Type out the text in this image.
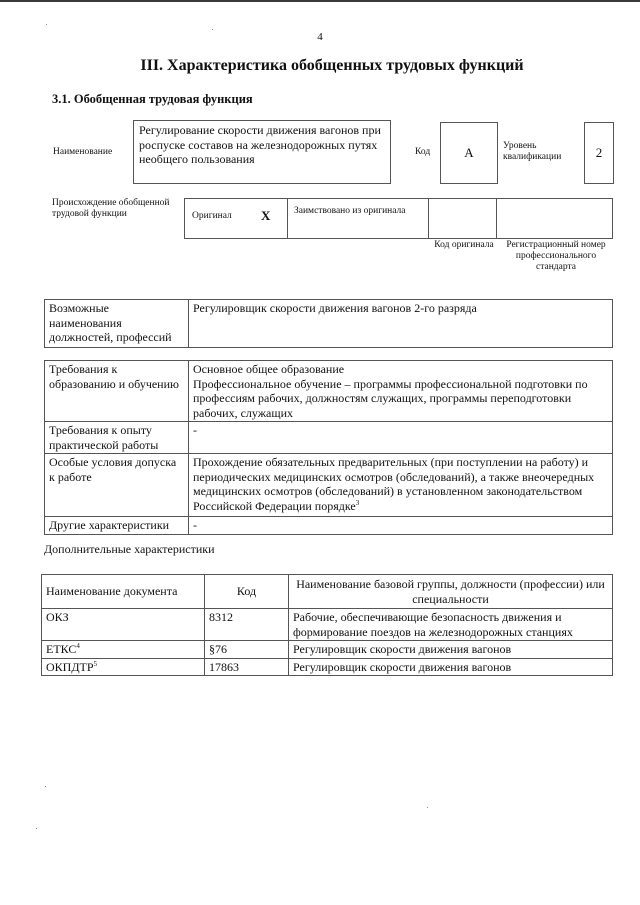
4
III. Характеристика обобщенных трудовых функций
3.1. Обобщенная трудовая функция
Наименование
Регулирование скорости движения вагонов при роспуске составов на железнодорожных путях необщего пользования	Код	А	Уровень квалификации	2
Происхождение обобщенной трудовой функции	Оригинал Х Заимствовано из оригинала
Код оригинала	Регистрационный номер профессионального стандарта
Возможные наименования должностей, профессий	Регулировщик скорости движения вагонов 2-го разряда
Требования к образованию и обучению	Основное общее образование
Профессиональное обучение – программы профессиональной подготовки по профессиям рабочих, должностям служащих, программы переподготовки рабочих, служащих

Требования к опыту практической работы	-
Особые условия допуска к работе	Прохождение обязательных предварительных (при поступлении на работу) и периодических медицинских осмотров (обследований), а также внеочередных медицинских осмотров (обследований) в установленном законодательством Российской Федерации порядке$^3$
Другие характеристики	-
Дополнительные характеристики
Наименование документа	Код	Наименование базовой группы, должности (профессии) или специальности
ОКЗ	8312	Рабочие, обеспечивающие безопасность движения и формирование поездов на железнодорожных станциях
ЕТКС$^4$	§76	Регулировщик скорости движения вагонов
ОКПДТР$^5$	17863	Регулировщик скорости движения вагонов
